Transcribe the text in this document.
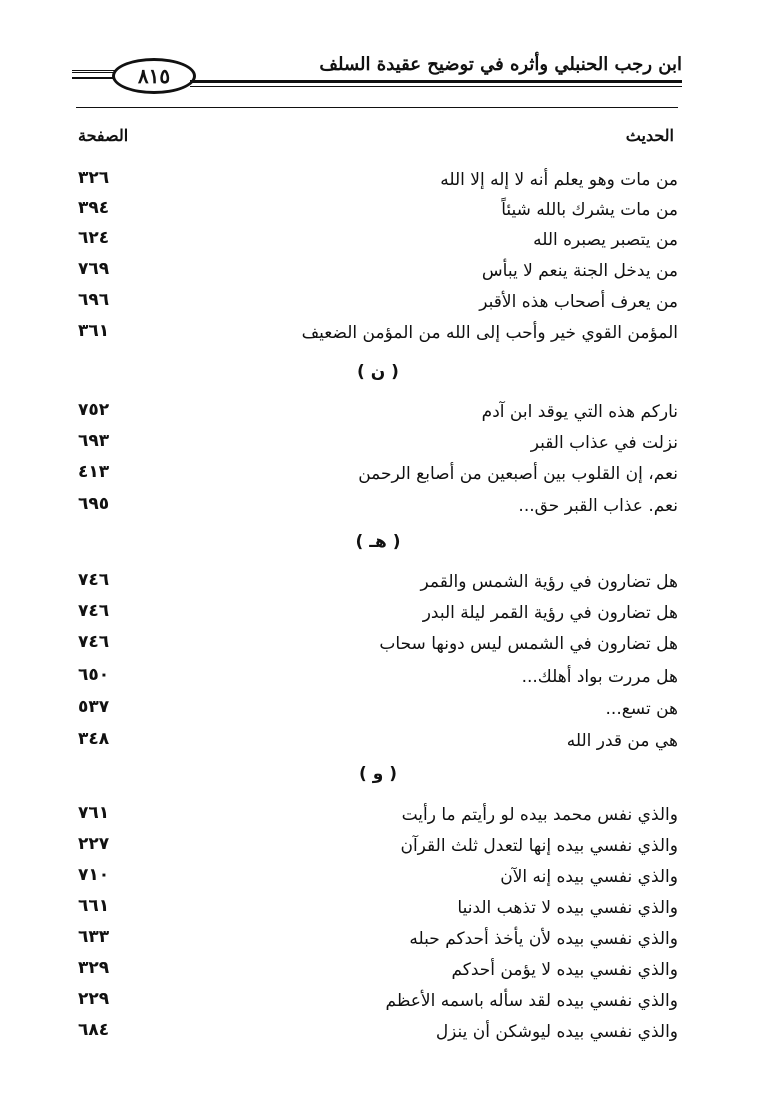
ابن رجب الحنبلي وأثره في توضيح عقيدة السلف
٨١٥
الحديث
الصفحة
من مات وهو يعلم أنه لا إله إلا الله
٣٢٦
من مات يشرك بالله شيئاً
٣٩٤
من يتصبر يصبره الله
٦٢٤
من يدخل الجنة ينعم لا يبأس
٧٦٩
من يعرف أصحاب هذه الأقبر
٦٩٦
المؤمن القوي خير وأحب إلى الله من المؤمن الضعيف
٣٦١
( ن )
ناركم هذه التي يوقد ابن آدم
٧٥٢
نزلت في عذاب القبر
٦٩٣
نعم، إن القلوب بين أصبعين من أصابع الرحمن
٤١٣
نعم. عذاب القبر حق...
٦٩٥
( هـ )
هل تضارون في رؤية الشمس والقمر
٧٤٦
هل تضارون في رؤية القمر ليلة البدر
٧٤٦
هل تضارون في الشمس ليس دونها سحاب
٧٤٦
هل مررت بواد أهلك...
٦٥٠
هن تسع...
٥٣٧
هي من قدر الله
٣٤٨
( و )
والذي نفس محمد بيده لو رأيتم ما رأيت
٧٦١
والذي نفسي بيده إنها لتعدل ثلث القرآن
٢٢٧
والذي نفسي بيده إنه الآن
٧١٠
والذي نفسي بيده لا تذهب الدنيا
٦٦١
والذي نفسي بيده لأن يأخذ أحدكم حبله
٦٣٣
والذي نفسي بيده لا يؤمن أحدكم
٣٢٩
والذي نفسي بيده لقد سأله باسمه الأعظم
٢٢٩
والذي نفسي بيده ليوشكن أن ينزل
٦٨٤
